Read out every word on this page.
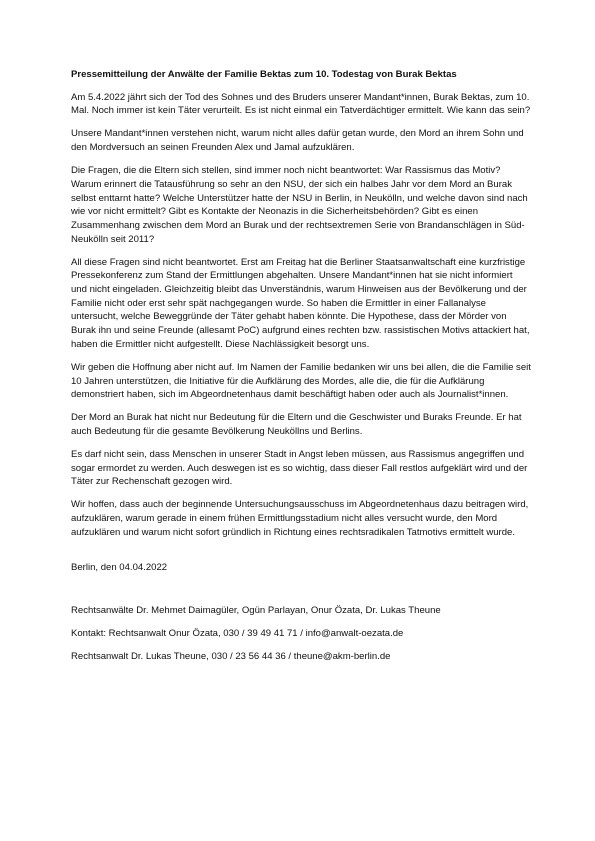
Pressemitteilung der Anwälte der Familie Bektas zum 10. Todestag von Burak Bektas

Am 5.4.2022 jährt sich der Tod des Sohnes und des Bruders unserer Mandant*innen, Burak Bektas, zum 10. Mal. Noch immer ist kein Täter verurteilt. Es ist nicht einmal ein Tatverdächtiger ermittelt. Wie kann das sein?

Unsere Mandant*innen verstehen nicht, warum nicht alles dafür getan wurde, den Mord an ihrem Sohn und den Mordversuch an seinen Freunden Alex und Jamal aufzuklären.

Die Fragen, die die Eltern sich stellen, sind immer noch nicht beantwortet: War Rassismus das Motiv? Warum erinnert die Tatausführung so sehr an den NSU, der sich ein halbes Jahr vor dem Mord an Burak selbst enttarnt hatte? Welche Unterstützer hatte der NSU in Berlin, in Neukölln, und welche davon sind nach wie vor nicht ermittelt? Gibt es Kontakte der Neonazis in die Sicherheitsbehörden? Gibt es einen Zusammenhang zwischen dem Mord an Burak und der rechtsextremen Serie von Brandanschlägen in Süd-Neukölln seit 2011?

All diese Fragen sind nicht beantwortet. Erst am Freitag hat die Berliner Staatsanwaltschaft eine kurzfristige Pressekonferenz zum Stand der Ermittlungen abgehalten. Unsere Mandant*innen hat sie nicht informiert und nicht eingeladen. Gleichzeitig bleibt das Unverständnis, warum Hinweisen aus der Bevölkerung und der Familie nicht oder erst sehr spät nachgegangen wurde. So haben die Ermittler in einer Fallanalyse untersucht, welche Beweggründe der Täter gehabt haben könnte. Die Hypothese, dass der Mörder von Burak ihn und seine Freunde (allesamt PoC) aufgrund eines rechten bzw. rassistischen Motivs attackiert hat, haben die Ermittler nicht aufgestellt. Diese Nachlässigkeit besorgt uns.

Wir geben die Hoffnung aber nicht auf. Im Namen der Familie bedanken wir uns bei allen, die die Familie seit 10 Jahren unterstützen, die Initiative für die Aufklärung des Mordes, alle die, die für die Aufklärung demonstriert haben, sich im Abgeordnetenhaus damit beschäftigt haben oder auch als Journalist*innen.

Der Mord an Burak hat nicht nur Bedeutung für die Eltern und die Geschwister und Buraks Freunde. Er hat auch Bedeutung für die gesamte Bevölkerung Neuköllns und Berlins.

Es darf nicht sein, dass Menschen in unserer Stadt in Angst leben müssen, aus Rassismus angegriffen und sogar ermordet zu werden. Auch deswegen ist es so wichtig, dass dieser Fall restlos aufgeklärt wird und der Täter zur Rechenschaft gezogen wird.

Wir hoffen, dass auch der beginnende Untersuchungsausschuss im Abgeordnetenhaus dazu beitragen wird, aufzuklären, warum gerade in einem frühen Ermittlungsstadium nicht alles versucht wurde, den Mord aufzuklären und warum nicht sofort gründlich in Richtung eines rechtsradikalen Tatmotivs ermittelt wurde.

Berlin, den 04.04.2022
Rechtsanwälte Dr. Mehmet Daimagüler, Ogün Parlayan, Onur Özata, Dr. Lukas Theune
Kontakt: Rechtsanwalt Onur Özata, 030 / 39 49 41 71 / info@anwalt-oezata.de
Rechtsanwalt Dr. Lukas Theune, 030 / 23 56 44 36 / theune@akm-berlin.de
